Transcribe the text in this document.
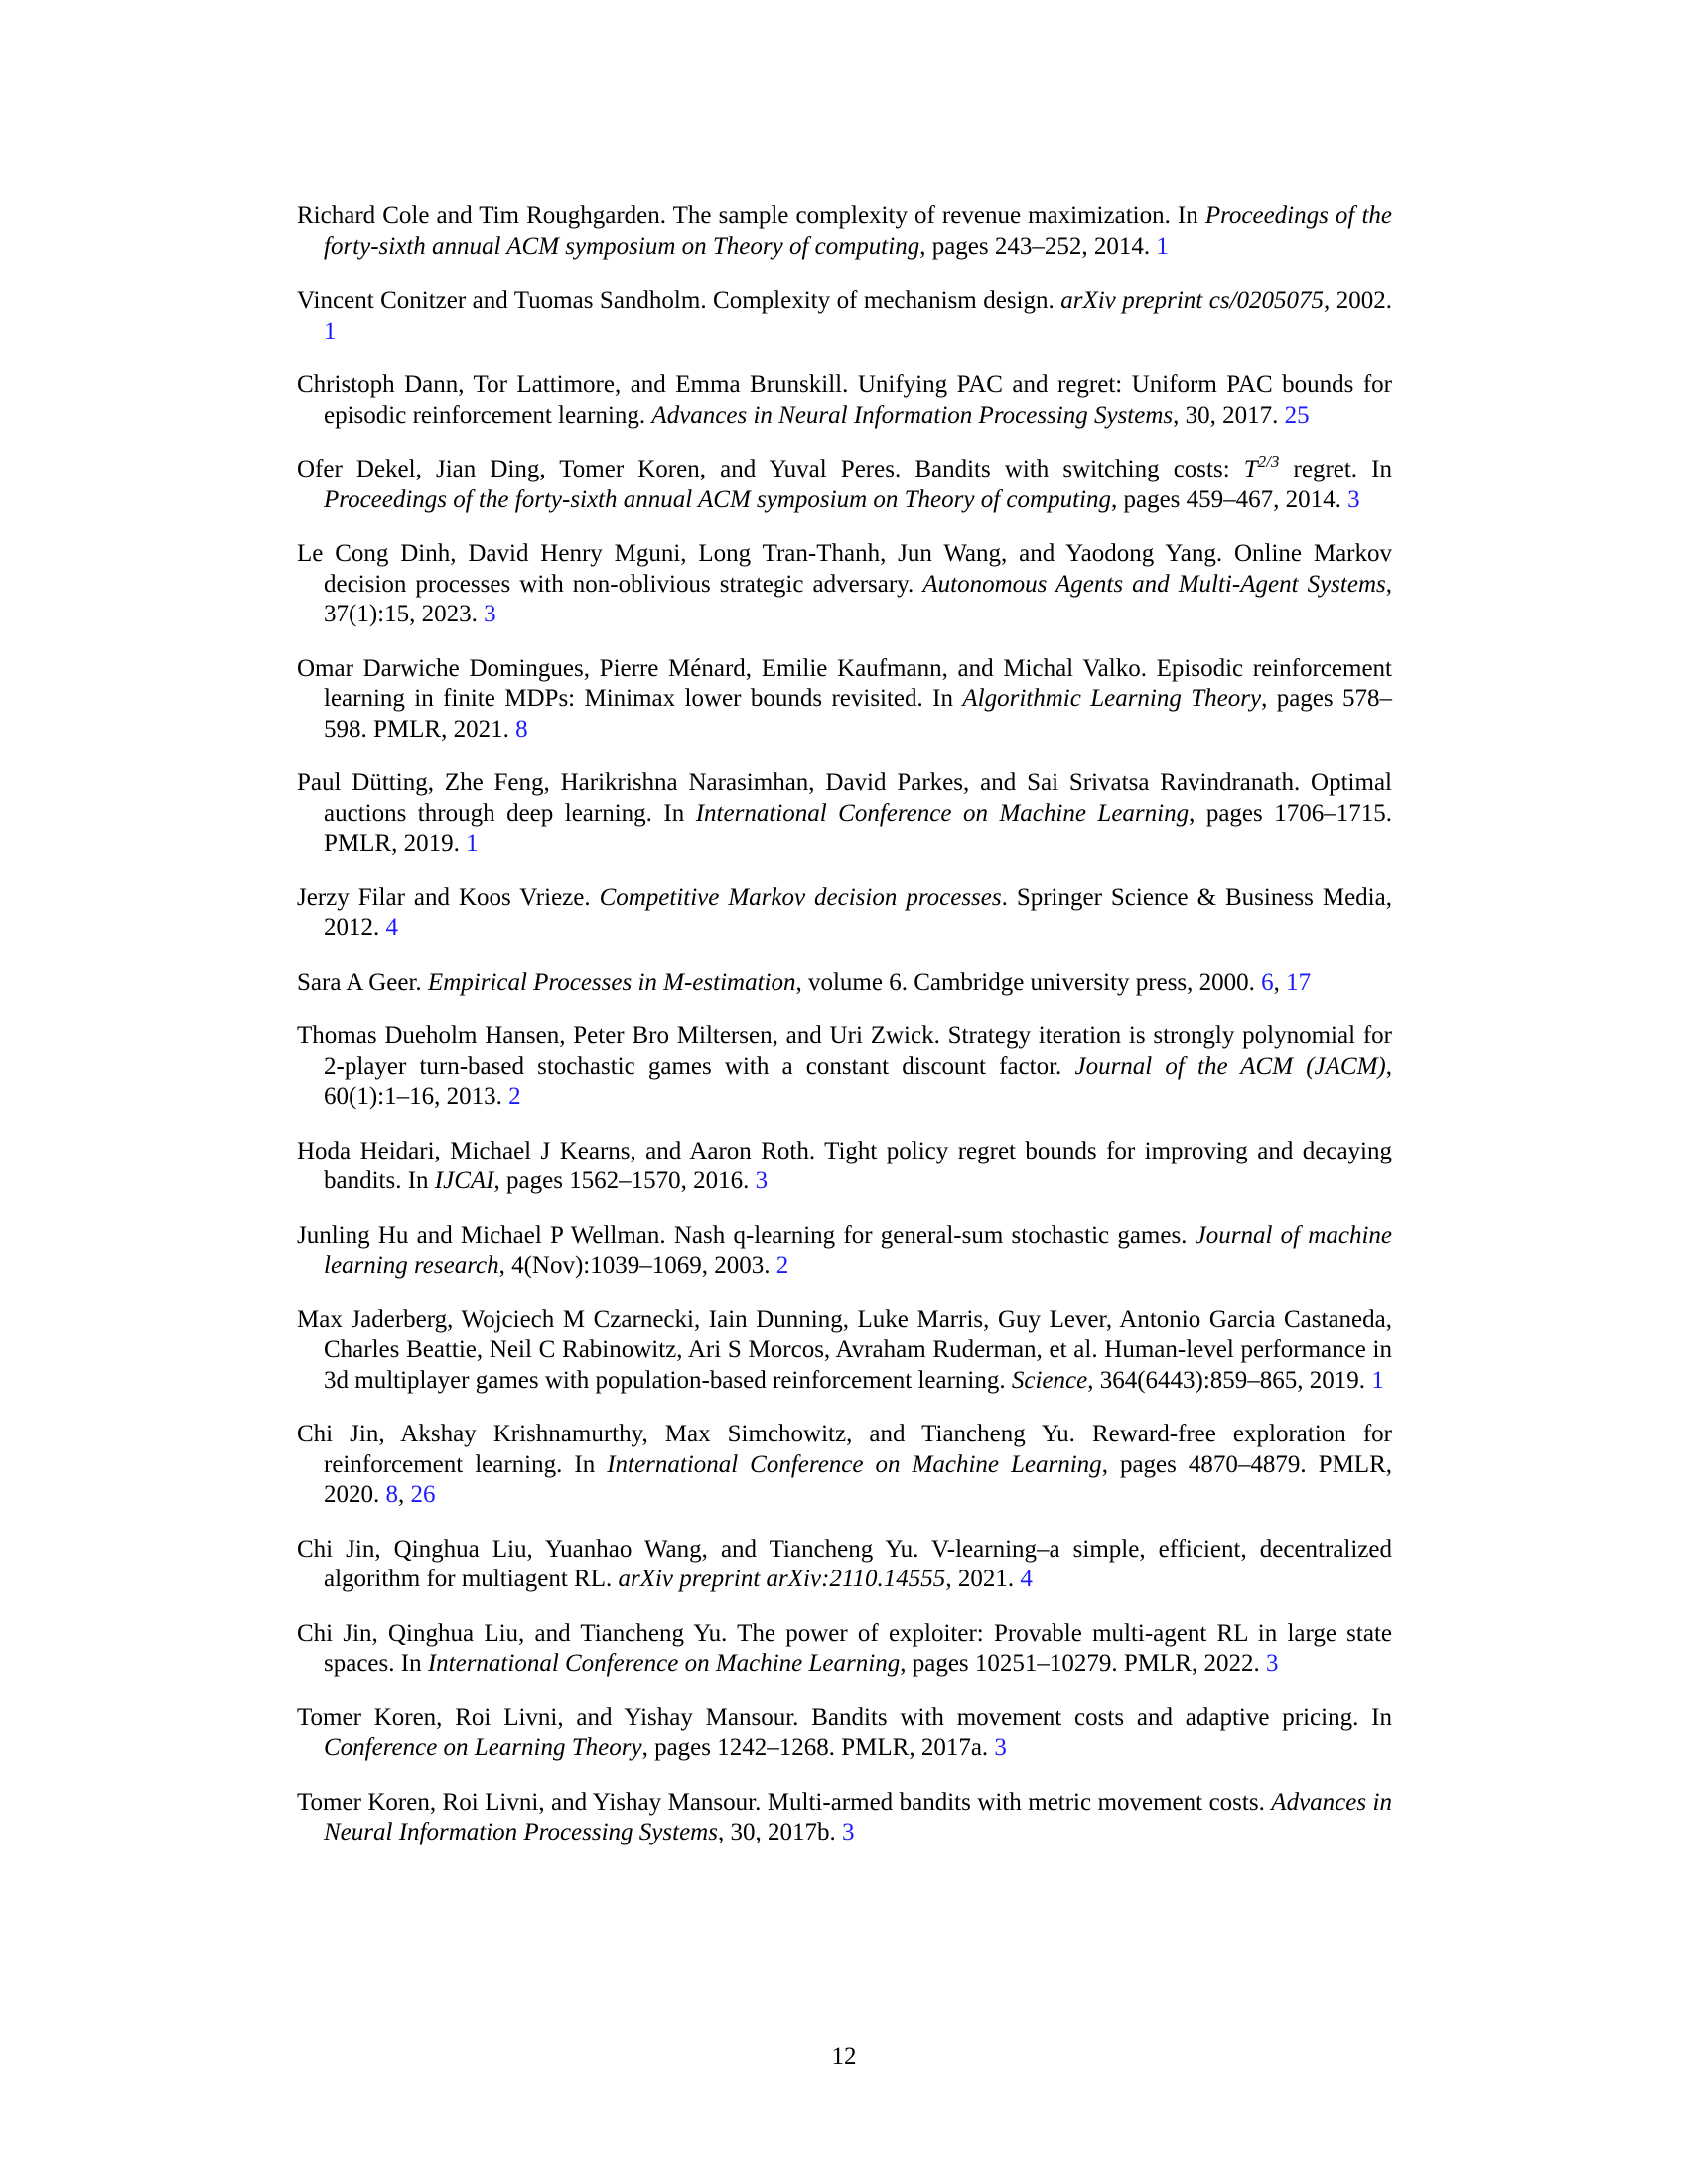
Richard Cole and Tim Roughgarden. The sample complexity of revenue maximization. In Proceedings of the forty-sixth annual ACM symposium on Theory of computing, pages 243–252, 2014. 1

Vincent Conitzer and Tuomas Sandholm. Complexity of mechanism design. arXiv preprint cs/0205075, 2002. 1

Christoph Dann, Tor Lattimore, and Emma Brunskill. Unifying PAC and regret: Uniform PAC bounds for episodic reinforcement learning. Advances in Neural Information Processing Systems, 30, 2017. 25

Ofer Dekel, Jian Ding, Tomer Koren, and Yuval Peres. Bandits with switching costs: $T^{2/3}$ regret. In Proceedings of the forty-sixth annual ACM symposium on Theory of computing, pages 459–467, 2014. 3

Le Cong Dinh, David Henry Mguni, Long Tran-Thanh, Jun Wang, and Yaodong Yang. Online Markov decision processes with non-oblivious strategic adversary. Autonomous Agents and Multi-Agent Systems, 37(1):15, 2023. 3

Omar Darwiche Domingues, Pierre Ménard, Emilie Kaufmann, and Michal Valko. Episodic reinforcement learning in finite MDPs: Minimax lower bounds revisited. In Algorithmic Learning Theory, pages 578–598. PMLR, 2021. 8

Paul Dütting, Zhe Feng, Harikrishna Narasimhan, David Parkes, and Sai Srivatsa Ravindranath. Optimal auctions through deep learning. In International Conference on Machine Learning, pages 1706–1715. PMLR, 2019. 1

Jerzy Filar and Koos Vrieze. Competitive Markov decision processes. Springer Science & Business Media, 2012. 4

Sara A Geer. Empirical Processes in M-estimation, volume 6. Cambridge university press, 2000. 6, 17

Thomas Dueholm Hansen, Peter Bro Miltersen, and Uri Zwick. Strategy iteration is strongly polynomial for 2-player turn-based stochastic games with a constant discount factor. Journal of the ACM (JACM), 60(1):1–16, 2013. 2

Hoda Heidari, Michael J Kearns, and Aaron Roth. Tight policy regret bounds for improving and decaying bandits. In IJCAI, pages 1562–1570, 2016. 3

Junling Hu and Michael P Wellman. Nash q-learning for general-sum stochastic games. Journal of machine learning research, 4(Nov):1039–1069, 2003. 2

Max Jaderberg, Wojciech M Czarnecki, Iain Dunning, Luke Marris, Guy Lever, Antonio Garcia Castaneda, Charles Beattie, Neil C Rabinowitz, Ari S Morcos, Avraham Ruderman, et al. Human-level performance in 3d multiplayer games with population-based reinforcement learning. Science, 364(6443):859–865, 2019. 1

Chi Jin, Akshay Krishnamurthy, Max Simchowitz, and Tiancheng Yu. Reward-free exploration for reinforcement learning. In International Conference on Machine Learning, pages 4870–4879. PMLR, 2020. 8, 26

Chi Jin, Qinghua Liu, Yuanhao Wang, and Tiancheng Yu. V-learning–a simple, efficient, decentralized algorithm for multiagent RL. arXiv preprint arXiv:2110.14555, 2021. 4

Chi Jin, Qinghua Liu, and Tiancheng Yu. The power of exploiter: Provable multi-agent RL in large state spaces. In International Conference on Machine Learning, pages 10251–10279. PMLR, 2022. 3

Tomer Koren, Roi Livni, and Yishay Mansour. Bandits with movement costs and adaptive pricing. In Conference on Learning Theory, pages 1242–1268. PMLR, 2017a. 3

Tomer Koren, Roi Livni, and Yishay Mansour. Multi-armed bandits with metric movement costs. Advances in Neural Information Processing Systems, 30, 2017b. 3

12
